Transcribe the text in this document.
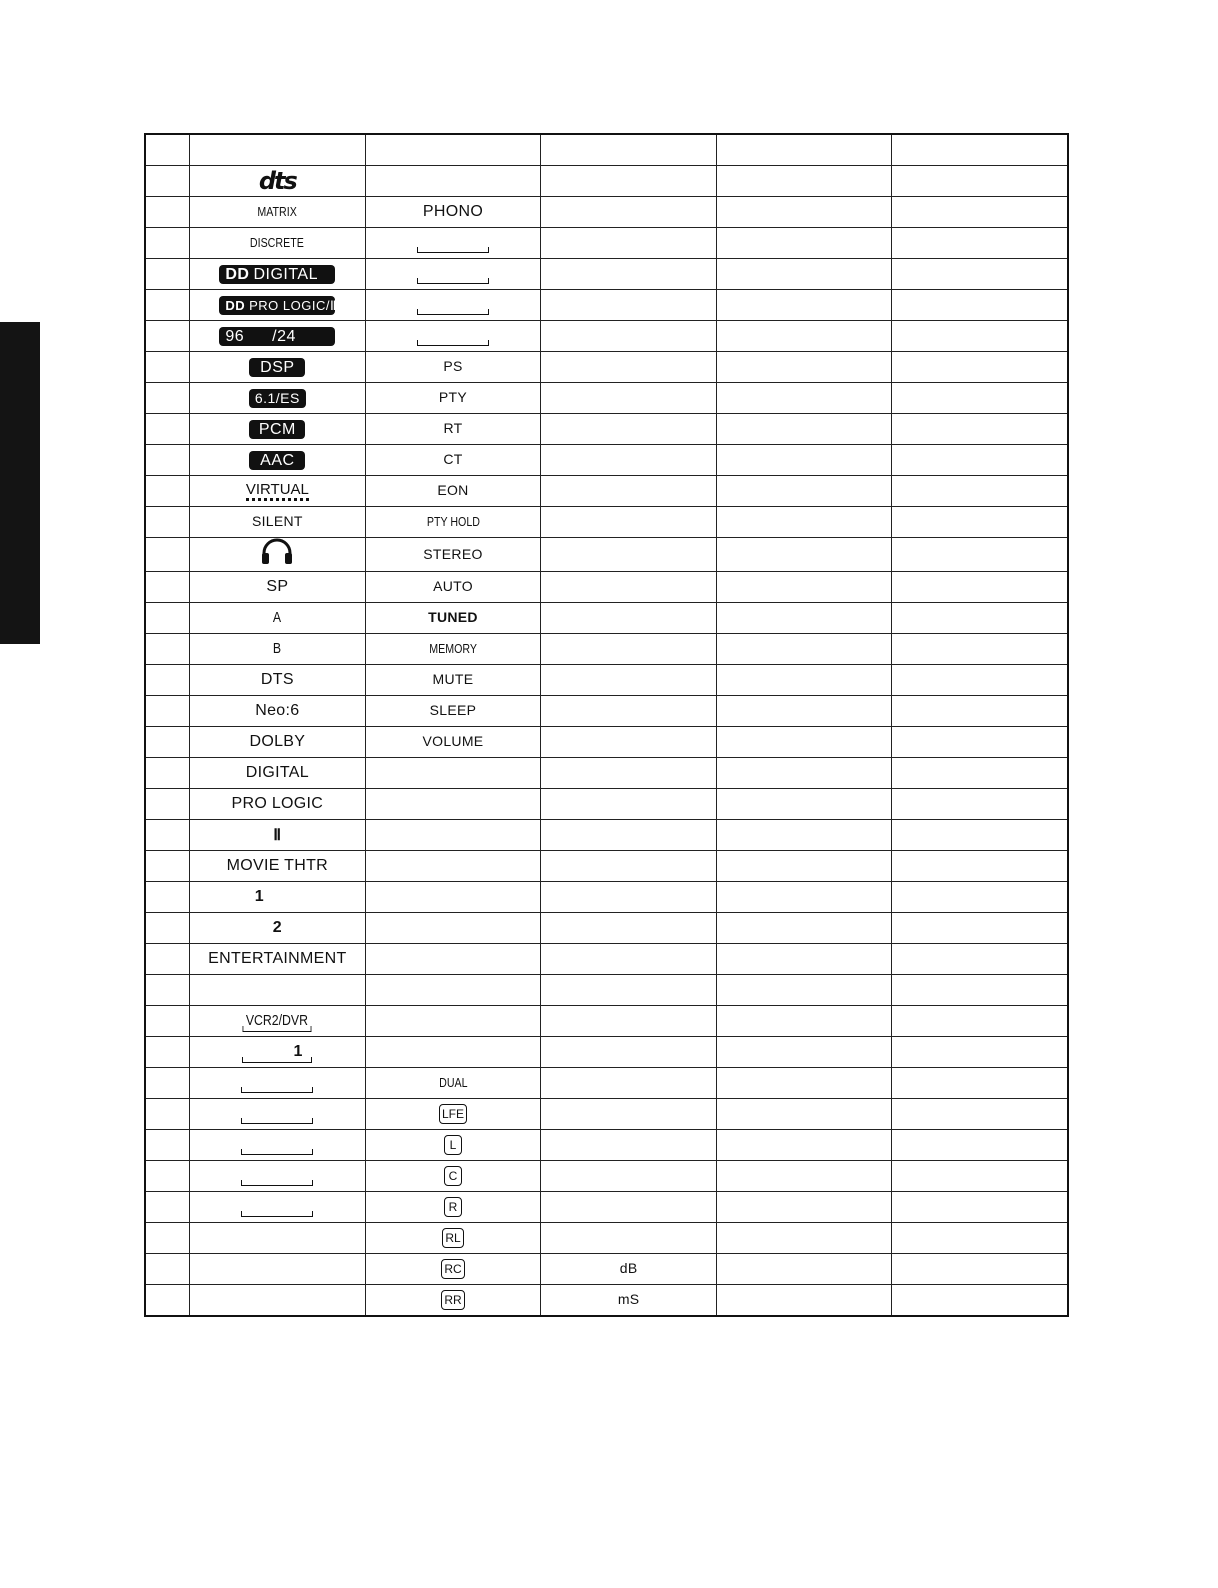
	dts				
	MATRIX	PHONO			
	DISCRETE				
	DD DIGITAL				
	DD PRO LOGIC/Ⅱ				
	96 /24				
	DSP	PS			
	6.1/ES	PTY			
	PCM	RT			
	AAC	CT			
	VIRTUAL	EON			
	SILENT	PTY HOLD			
		STEREO			
	SP	AUTO			
	A	TUNED			
	B	MEMORY			
	DTS	MUTE			
	Neo:6	SLEEP			
	DOLBY	VOLUME			
	DIGITAL				
	PRO LOGIC				
	Ⅱ				
	MOVIE THTR				
	1				
	2				
	ENTERTAINMENT				

	VCR2/DVR				
	1				
		DUAL			
		LFE			
		L			
		C			
		R			
		RL			
		RC	dB		
		RR	mS		
